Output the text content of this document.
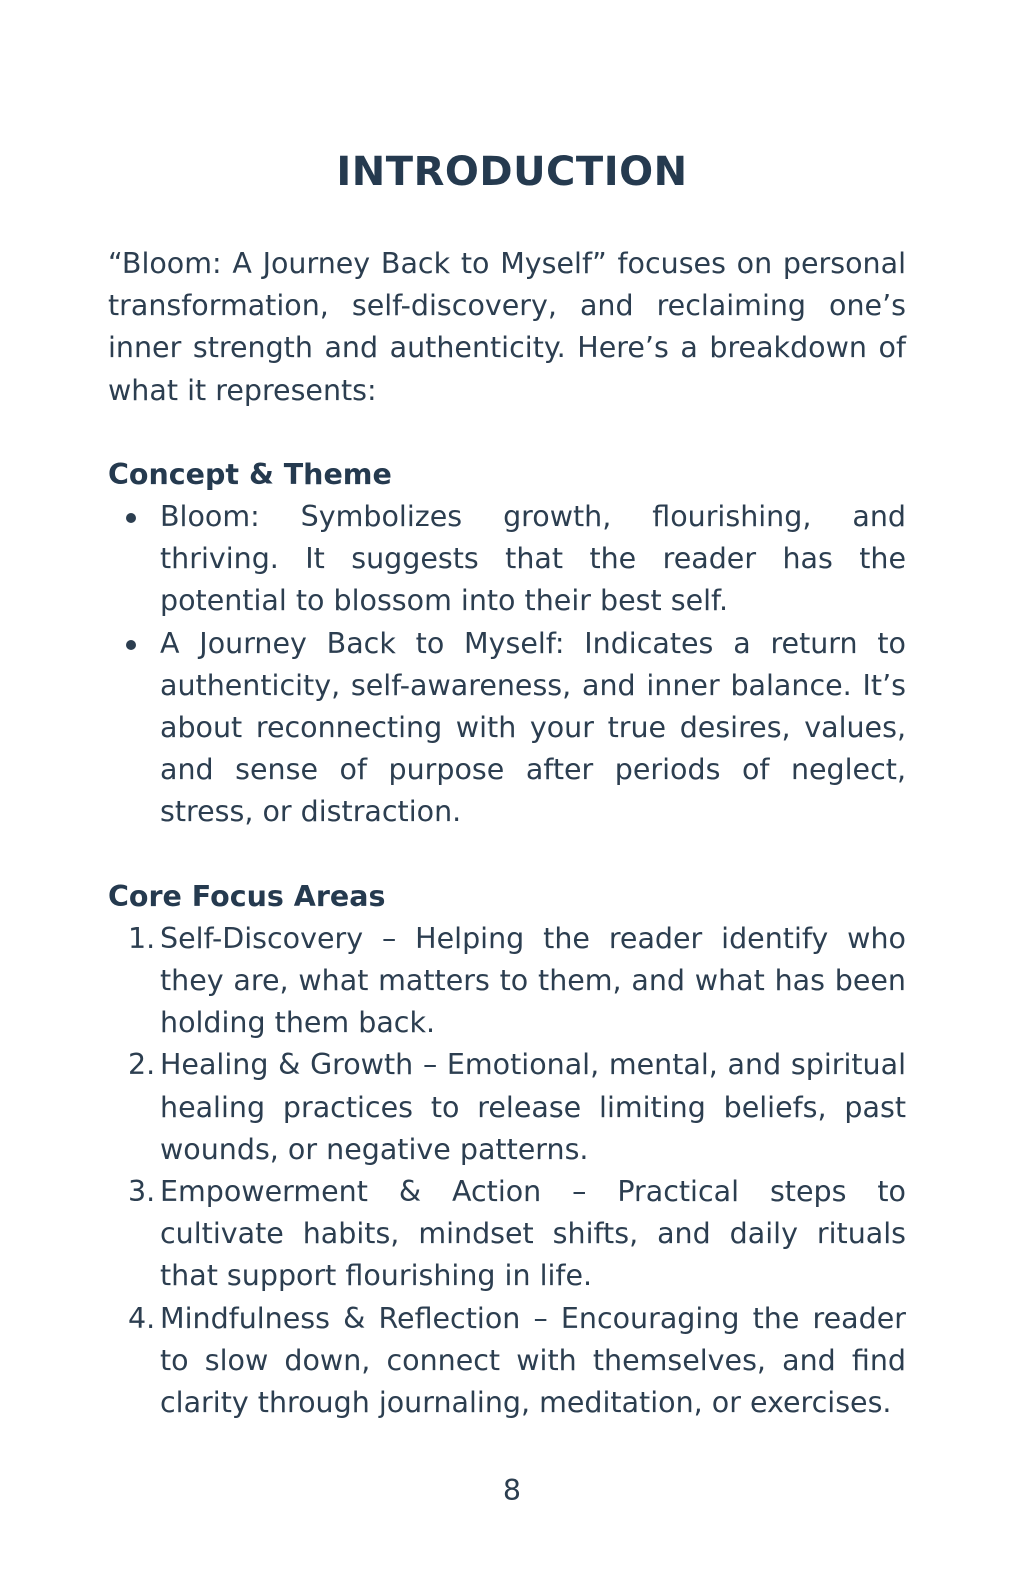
INTRODUCTION

“Bloom: A Journey Back to Myself” focuses on personal transformation, self-discovery, and reclaiming one’s inner strength and authenticity. Here’s a breakdown of what it represents:

Concept & Theme
Bloom: Symbolizes growth, flourishing, and thriving. It suggests that the reader has the potential to blossom into their best self.
A Journey Back to Myself: Indicates a return to authenticity, self-awareness, and inner balance. It’s about reconnecting with your true desires, values, and sense of purpose after periods of neglect, stress, or distraction.
Core Focus Areas
1. Self-Discovery – Helping the reader identify who they are, what matters to them, and what has been holding them back.
2. Healing & Growth – Emotional, mental, and spiritual healing practices to release limiting beliefs, past wounds, or negative patterns.
3. Empowerment & Action – Practical steps to cultivate habits, mindset shifts, and daily rituals that support flourishing in life.
4. Mindfulness & Reflection – Encouraging the reader to slow down, connect with themselves, and find clarity through journaling, meditation, or exercises.
8
